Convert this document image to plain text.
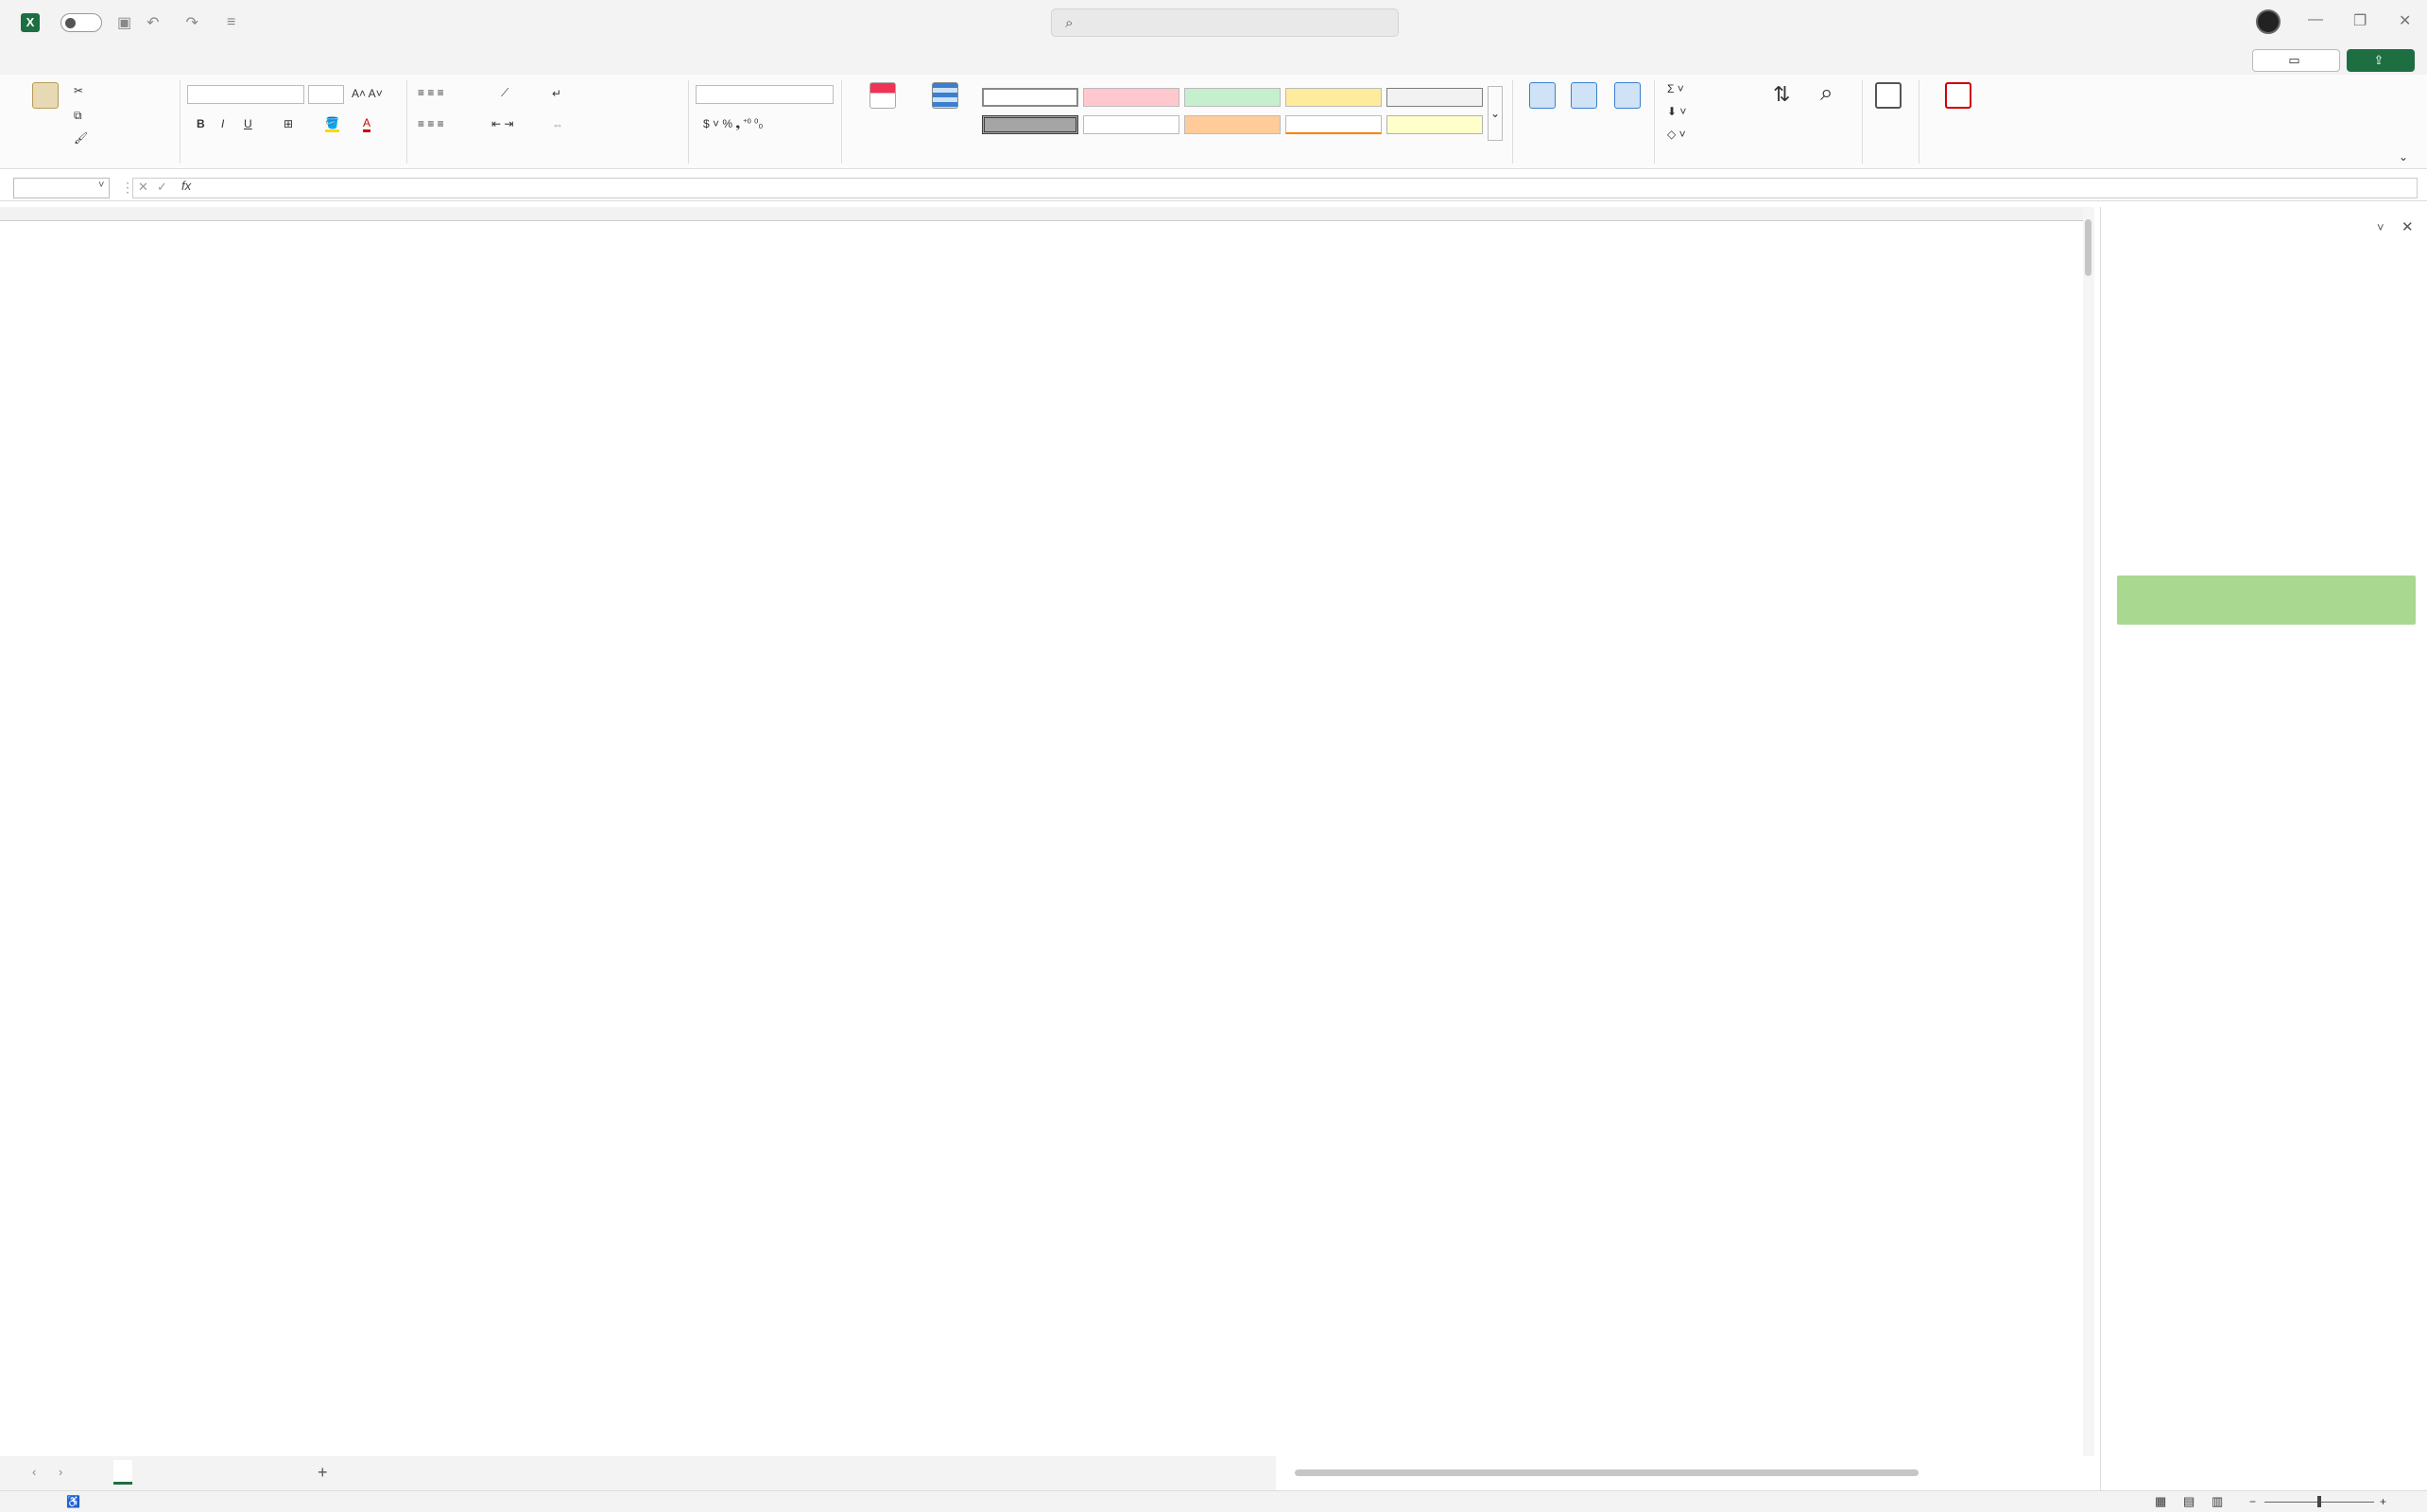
X	▣ ↶ ↷ ≡	⌕	— ❐ ✕
▭	⇪
✂
⧉
🖌
A˄ A˅
B I U	⊞	🪣 A
≡ ≡ ≡	⟋	↵
≡ ≡ ≡	⇤ ⇥	⇔	$ ˅ % ❟ ⁺⁰ ⁰₀
⌄
Σ ˅
⬇ ˅
◇ ˅
⇅ ⌕
⌄
˅ ⋮ ✕ ✓ fx
‹	›	+
♿	▦ ▤ ▥ −	+
˅ ✕
